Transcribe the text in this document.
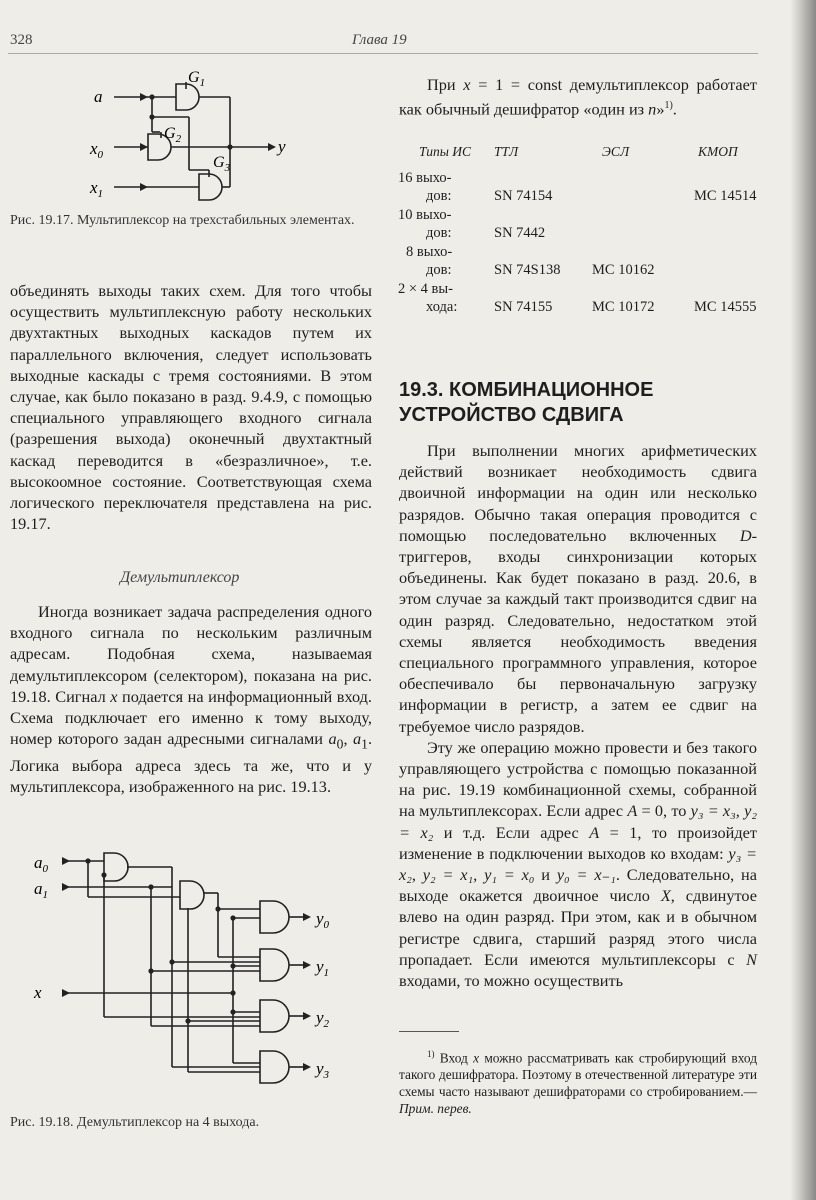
328	Глава 19
a
$x_0$
$x_1$
y
$G_1$
$G_2$
$G_3$
Рис. 19.17. Мультиплексор на трехстабильных элементах.

объединять выходы таких схем. Для того чтобы осуществить мультиплексную работу нескольких двухтактных выходных каскадов путем их параллельного включения, следует использовать выходные каскады с тремя состояниями. В этом случае, как было показано в разд. 9.4.9, с помощью специального управляющего входного сигнала (разрешения выхода) оконечный двухтактный каскад переводится в «безразличное», т.е. высокоомное состояние. Соответствующая схема логического переключателя представлена на рис. 19.17.

Демультиплексор

Иногда возникает задача распределения одного входного сигнала по нескольким различным адресам. Подобная схема, называемая демультиплексором (селектором), показана на рис. 19.18. Сигнал x подается на информационный вход. Схема подключает его именно к тому выходу, номер которого задан адресными сигналами $a_0$, $a_1$. Логика выбора адреса здесь та же, что и у мультиплексора, изображенного на рис. 19.13.

$a_0$
$a_1$
x
$y_0$
$y_1$
$y_2$
$y_3$
Рис. 19.18. Демультиплексор на 4 выхода.

При x = 1 = const демультиплексор работает как обычный дешифратор «один из n»$^{1)}$.

Типы ИС	ТТЛ	ЭСЛ	КМОП
16 выхо-			
дов:	SN 74154		MC 14514
10 выхо-			
дов:	SN 7442		
8 выхо-			
дов:	SN 74S138	MC 10162	
2 × 4 вы-			
хода:	SN 74155	MC 10172	MC 14555
19.3. КОМБИНАЦИОННОЕ
УСТРОЙСТВО СДВИГА

При выполнении многих арифметических действий возникает необходимость сдвига двоичной информации на один или несколько разрядов. Обычно такая операция проводится с помощью последовательно включенных D-триггеров, входы синхронизации которых объединены. Как будет показано в разд. 20.6, в этом случае за каждый такт производится сдвиг на один разряд. Следовательно, недостатком этой схемы является необходимость введения специального программного управления, которое обеспечивало бы первоначальную загрузку информации в регистр, а затем ее сдвиг на требуемое число разрядов.

Эту же операцию можно провести и без такого управляющего устройства с помощью показанной на рис. 19.19 комбинационной схемы, собранной на мультиплексорах. Если адрес A = 0, то y₃ = x₃, y₂ = x₂ и т.д. Если адрес A = 1, то произойдет изменение в подключении выходов ко входам: y₃ = x₂, y₂ = x₁, y₁ = x₀ и y₀ = x₋₁. Следовательно, на выходе окажется двоичное число X, сдвинутое влево на один разряд. При этом, как и в обычном регистре сдвига, старший разряд этого числа пропадает. Если имеются мультиплексоры с N входами, то можно осуществить

$^{1)}$ Вход x можно рассматривать как стробирующий вход такого дешифратора. Поэтому в отечественной литературе эти схемы часто называют дешифраторами со стробированием.— Прим. перев.
